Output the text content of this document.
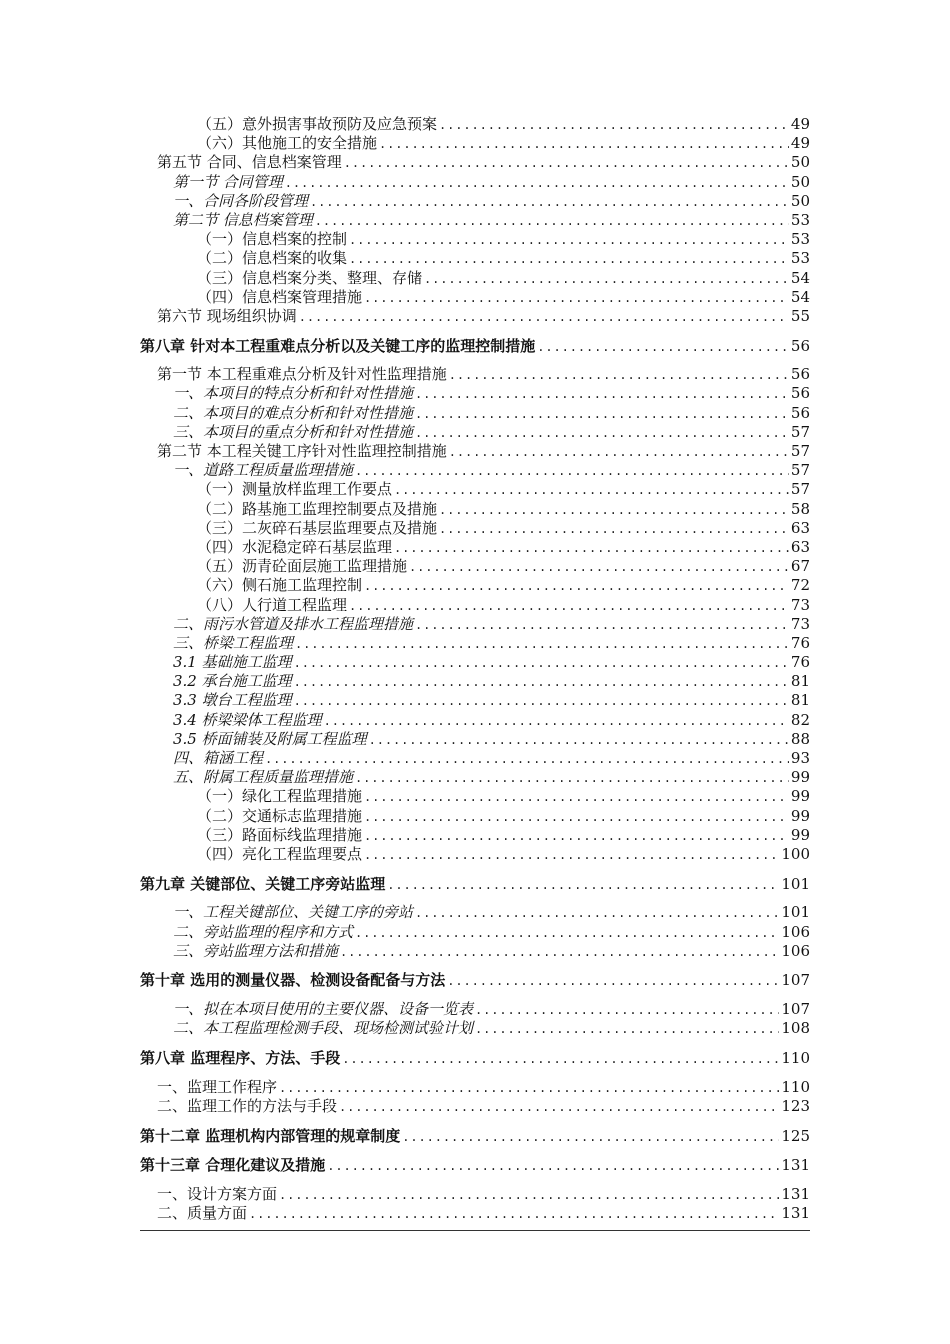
（五）意外损害事故预防及应急预案 .....	49
（六）其他施工的安全措施 .....	49
第五节 合同、信息档案管理 .....	50
第一节 合同管理 .....	50
一、合同各阶段管理 .....	50
第二节 信息档案管理 .....	53
（一）信息档案的控制 .....	53
（二）信息档案的收集 .....	53
（三）信息档案分类、整理、存储 .....	54
（四）信息档案管理措施 .....	54
第六节 现场组织协调 .....	55
第八章 针对本工程重难点分析以及关键工序的监理控制措施 .....	56
第一节 本工程重难点分析及针对性监理措施 .....	56
一、本项目的特点分析和针对性措施 .....	56
二、本项目的难点分析和针对性措施 .....	56
三、本项目的重点分析和针对性措施 .....	57
第二节 本工程关键工序针对性监理控制措施 .....	57
一、道路工程质量监理措施 .....	57
（一）测量放样监理工作要点 .....	57
（二）路基施工监理控制要点及措施 .....	58
（三）二灰碎石基层监理要点及措施 .....	63
（四）水泥稳定碎石基层监理 .....	63
（五）沥青砼面层施工监理措施 .....	67
（六）侧石施工监理控制 .....	72
（八）人行道工程监理 .....	73
二、雨污水管道及排水工程监理措施 .....	73
三、桥梁工程监理 .....	76
3.1 基础施工监理 .....	76
3.2 承台施工监理 .....	81
3.3 墩台工程监理 .....	81
3.4 桥梁梁体工程监理 .....	82
3.5 桥面铺装及附属工程监理 .....	88
四、箱涵工程 .....	93
五、附属工程质量监理措施 .....	99
（一）绿化工程监理措施 .....	99
（二）交通标志监理措施 .....	99
（三）路面标线监理措施 .....	99
（四）亮化工程监理要点 .....	100
第九章 关键部位、关键工序旁站监理 .....	101
一、工程关键部位、关键工序的旁站 .....	101
二、旁站监理的程序和方式 .....	106
三、旁站监理方法和措施 .....	106
第十章 选用的测量仪器、检测设备配备与方法 .....	107
一、拟在本项目使用的主要仪器、设备一览表 .....	107
二、本工程监理检测手段、现场检测试验计划 .....	108
第八章 监理程序、方法、手段 .....	110
一、监理工作程序 .....	110
二、监理工作的方法与手段 .....	123
第十二章 监理机构内部管理的规章制度 .....	125
第十三章 合理化建议及措施 .....	131
一、设计方案方面 .....	131
二、质量方面 .....	131
